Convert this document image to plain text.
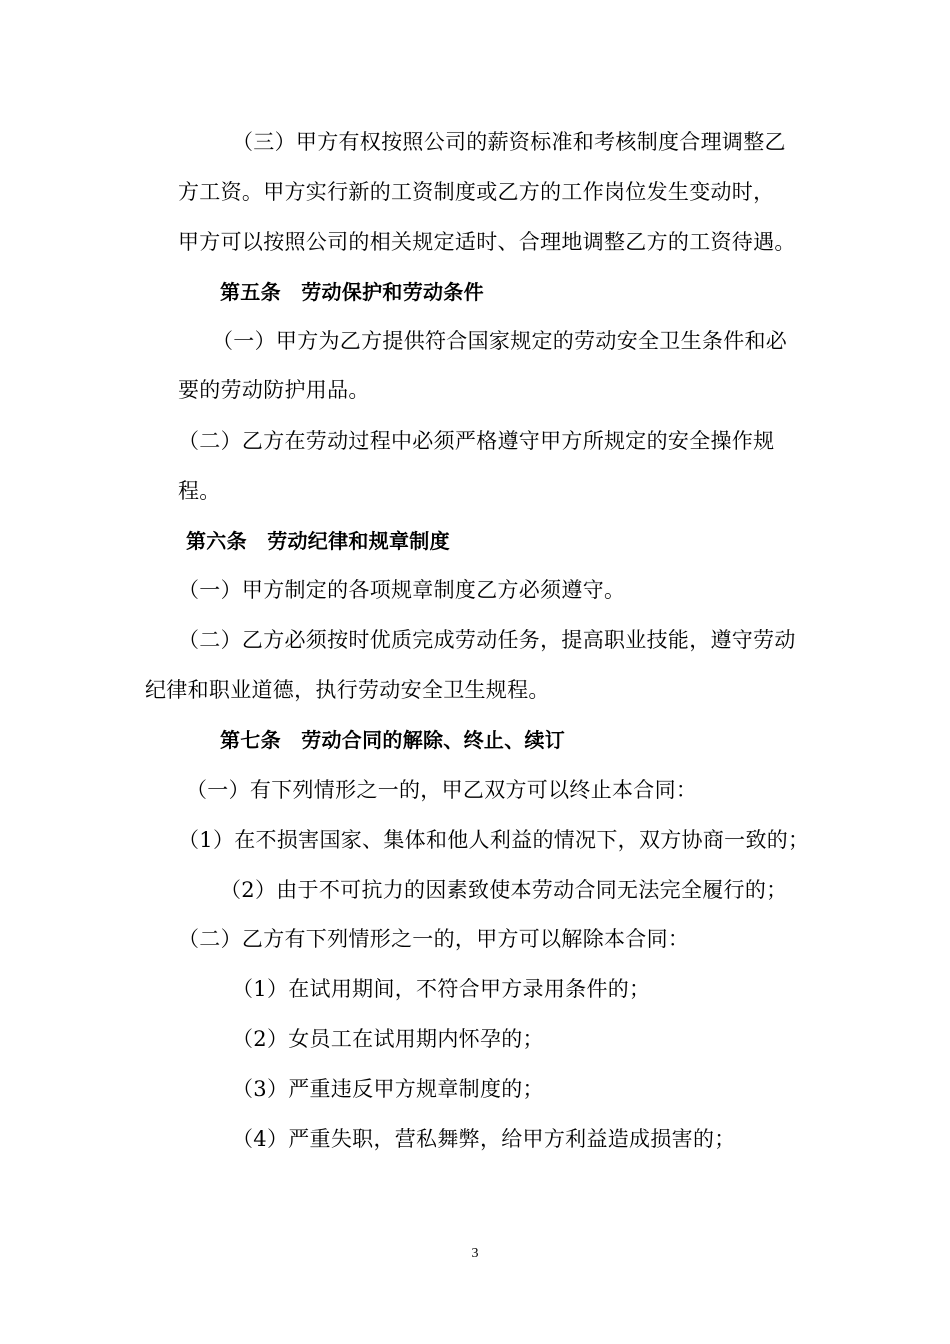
（三）甲方有权按照公司的薪资标准和考核制度合理调整乙
方工资。甲方实行新的工资制度或乙方的工作岗位发生变动时，
甲方可以按照公司的相关规定适时、合理地调整乙方的工资待遇。
第五条　劳动保护和劳动条件
（一）甲方为乙方提供符合国家规定的劳动安全卫生条件和必
要的劳动防护用品。
（二）乙方在劳动过程中必须严格遵守甲方所规定的安全操作规
程。
第六条　劳动纪律和规章制度
（一）甲方制定的各项规章制度乙方必须遵守。
（二）乙方必须按时优质完成劳动任务，提高职业技能，遵守劳动
纪律和职业道德，执行劳动安全卫生规程。
第七条　劳动合同的解除、终止、续订
（一）有下列情形之一的，甲乙双方可以终止本合同：
（1）在不损害国家、集体和他人利益的情况下，双方协商一致的；
（2）由于不可抗力的因素致使本劳动合同无法完全履行的；
（二）乙方有下列情形之一的，甲方可以解除本合同：
（1）在试用期间，不符合甲方录用条件的；
（2）女员工在试用期内怀孕的；
（3）严重违反甲方规章制度的；
（4）严重失职，营私舞弊，给甲方利益造成损害的；
3
